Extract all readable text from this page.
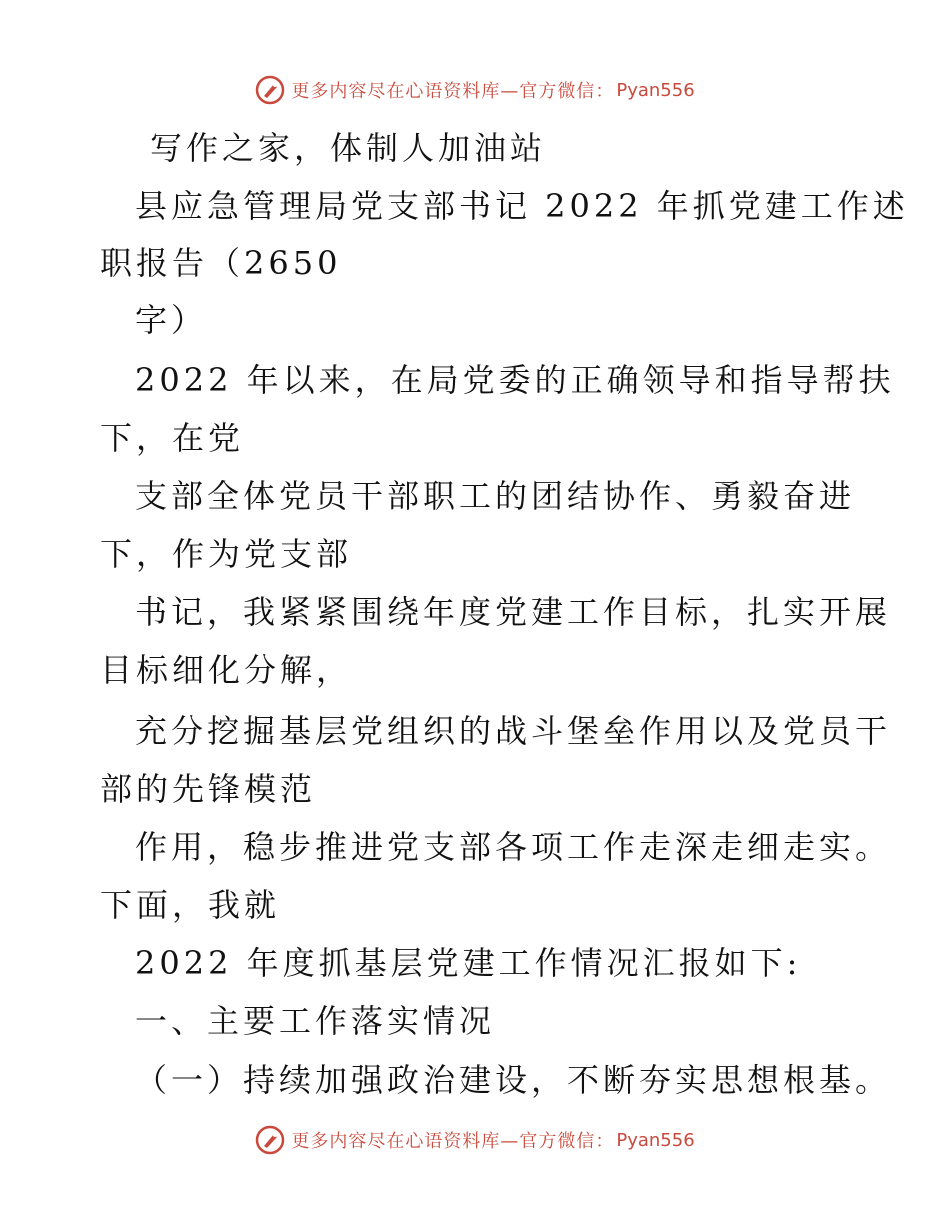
更多内容尽在心语资料库—官方微信： Pyan556
写作之家，体制人加油站
县应急管理局党支部书记 2022 年抓党建工作述
职报告（2650
字）
2022 年以来，在局党委的正确领导和指导帮扶
下，在党
支部全体党员干部职工的团结协作、勇毅奋进
下，作为党支部
书记，我紧紧围绕年度党建工作目标，扎实开展
目标细化分解，
充分挖掘基层党组织的战斗堡垒作用以及党员干
部的先锋模范
作用，稳步推进党支部各项工作走深走细走实。
下面，我就
2022 年度抓基层党建工作情况汇报如下:
一、主要工作落实情况
（一）持续加强政治建设，不断夯实思想根基。
更多内容尽在心语资料库—官方微信： Pyan556
